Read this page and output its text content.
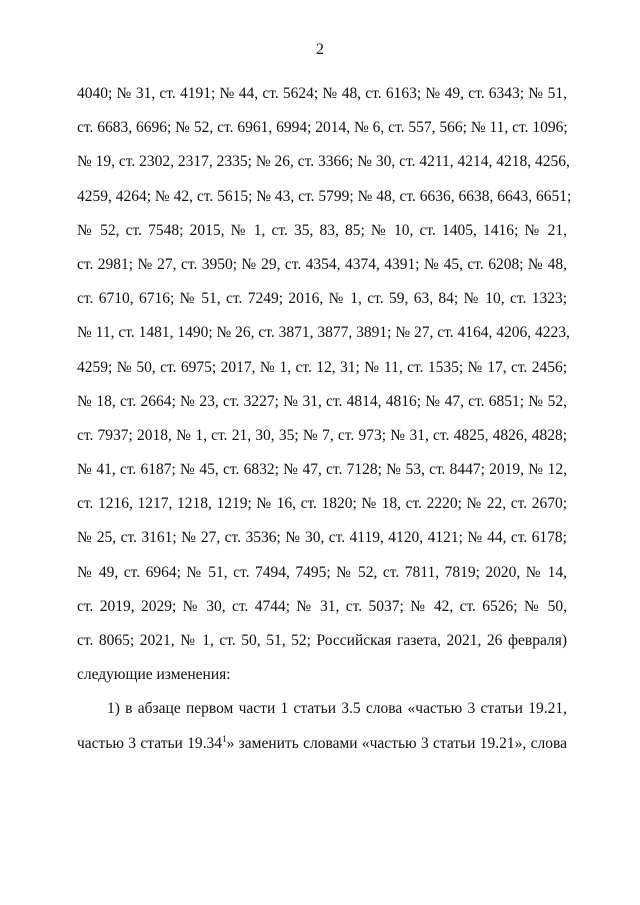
2
4040; № 31, ст. 4191; № 44, ст. 5624; № 48, ст. 6163; № 49, ст. 6343; № 51,
ст. 6683, 6696; № 52, ст. 6961, 6994; 2014, № 6, ст. 557, 566; № 11, ст. 1096;
№ 19, ст. 2302, 2317, 2335; № 26, ст. 3366; № 30, ст. 4211, 4214, 4218, 4256,
4259, 4264; № 42, ст. 5615; № 43, ст. 5799; № 48, ст. 6636, 6638, 6643, 6651;
№ 52, ст. 7548; 2015, № 1, ст. 35, 83, 85; № 10, ст. 1405, 1416; № 21,
ст. 2981; № 27, ст. 3950; № 29, ст. 4354, 4374, 4391; № 45, ст. 6208; № 48,
ст. 6710, 6716; № 51, ст. 7249; 2016, № 1, ст. 59, 63, 84; № 10, ст. 1323;
№ 11, ст. 1481, 1490; № 26, ст. 3871, 3877, 3891; № 27, ст. 4164, 4206, 4223,
4259; № 50, ст. 6975; 2017, № 1, ст. 12, 31; № 11, ст. 1535; № 17, ст. 2456;
№ 18, ст. 2664; № 23, ст. 3227; № 31, ст. 4814, 4816; № 47, ст. 6851; № 52,
ст. 7937; 2018, № 1, ст. 21, 30, 35; № 7, ст. 973; № 31, ст. 4825, 4826, 4828;
№ 41, ст. 6187; № 45, ст. 6832; № 47, ст. 7128; № 53, ст. 8447; 2019, № 12,
ст. 1216, 1217, 1218, 1219; № 16, ст. 1820; № 18, ст. 2220; № 22, ст. 2670;
№ 25, ст. 3161; № 27, ст. 3536; № 30, ст. 4119, 4120, 4121; № 44, ст. 6178;
№ 49, ст. 6964; № 51, ст. 7494, 7495; № 52, ст. 7811, 7819; 2020, № 14,
ст. 2019, 2029; № 30, ст. 4744; № 31, ст. 5037; № 42, ст. 6526; № 50,
ст. 8065; 2021, № 1, ст. 50, 51, 52; Российская газета, 2021, 26 февраля)
следующие изменения:
1) в абзаце первом части 1 статьи 3.5 слова «частью 3 статьи 19.21,
частью 3 статьи 19.34$^1$» заменить словами «частью 3 статьи 19.21», слова
